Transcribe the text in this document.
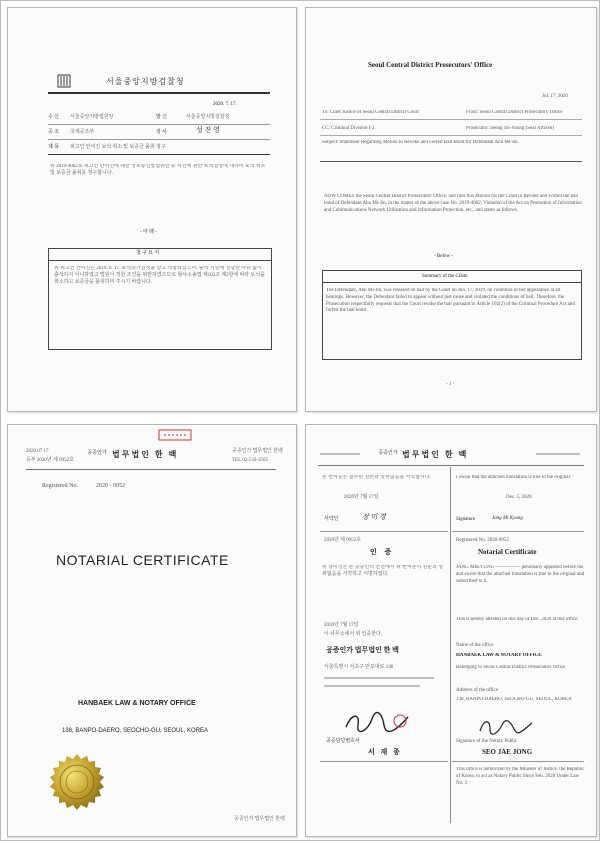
서울중앙지방검찰청
2020. 7. 17.
수 신 서울중앙지방법원장	발 신	서울중앙지방검찰청
공 조 국제공조부	검 사	성 진 영
제 목 피고인 안미진 보석 취소 및 보증금 몰취 청구
위 2019-4062호 피고인 안미진에 대한 정보통신망법위반 등 사건에 관한 보석결정에 대하여 보석 취소 및 보증금 몰취를 청구합니다.
- 아 래 -
청 구 요 지
위 피고인 안미진은 2019. 6. 17. 보석허가결정을 받고 석방되었으나, 출석 기일에 정당한 사유 없이 출석하지 아니하였고 법원이 정한 조건을 위반하였으므로 형사소송법 제102조 제2항에 따라 보석을 취소하고 보증금을 몰취하여 주시기 바랍니다.
Seoul Central District Prosecutors' Office
Jul. 17, 2020
To: Chief Justice of Seoul Central District Court	From: Seoul Central District Prosecutors' Office
CC: Criminal Division I-2	Prosecutor: Seong Jin-Young (Seal Affixed)
Subject: Statement Regarding Motion to Revoke and Forfeit Bail Bond for Defendant Ahn Mi-Jin
NOW COMES the Seoul Central District Prosecutors' Office, and files this Motion for the Court to Revoke and Forfeit the bail bond of Defendant Ahn Mi-Jin, in the matter of the above case No. 2019-4062, Violation of the Act on Promotion of Information and Communications Network Utilization and Information Protection, etc., and states as follows.
- Below -
Summary of the Claim
The Defendant, Ahn Mi-Jin, was released on bail by the Court on Jun. 17, 2019, on condition of her appearance at all hearings. However, the Defendant failed to appear without just cause and violated the conditions of bail. Therefore, the Prosecution respectfully requests that the Court revoke the bail pursuant to Article 102(2) of the Criminal Procedure Act and forfeit the bail bond.
- 1 -
2020 07 17
등부 2020년 제 0952호
공증인가 법무법인 한 백	공증인가 법무법인 한백
TEL 02-532-3505
Registered No.	2020 - 0952
NOTARIAL CERTIFICATE
HANBAEK LAW & NOTARY OFFICE
138, BANPO-DAERO, SEOCHO-GU, SEOUL, KOREA
공증인가 법무법인 한백
공증인가 법무법인 한 백
본 번역문은 첨부된 원본과 상위없음을 서약합니다.
2020년 7월 17일
서약인	장 미 경
2020년 제 0952호
인 증
위 장미경은 본 공증인의 면전에서 위 번역문이 원문과 상위없음을 서약하고 서명하였다.
2020년 7월 17일
이 사무소에서 위 인증한다.
공증인가 법무법인 한 백
서울특별시 서초구 반포대로 138
공증담당변호사
서 재 종
I swear that the attached translation is true to the original.
Dec. 5, 2020
Signature	Jang Mi Kyung
Registered No. 2020-0952
Notarial Certificate
JANG MIKYUNG ————— personally appeared before me, and swore that the attached translation is true to the original and subscribed to it.
This is hereby attested on this day of Dec. 2020 at this office.
Name of the office
HANBAEK LAW & NOTARY OFFICE
Belonging to Seoul Central District Prosecutors Office
Address of the office
138, BANPO-DAERO, SEOCHO-GU, SEOUL, KOREA
Signature of the Notary Public
SEO JAE JONG
This office is authorized by the Minister of Justice, the Republic of Korea, to act as Notary Public Since Feb. 2020 Under Law No. 3
